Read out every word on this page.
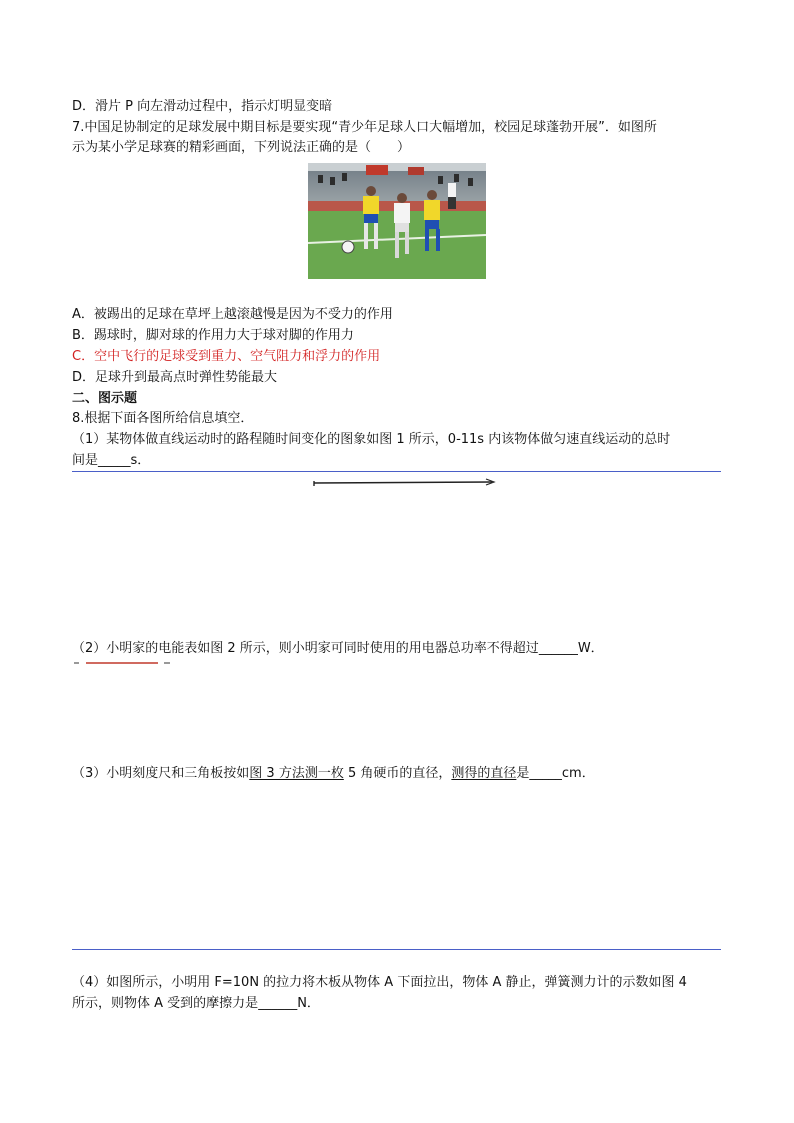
D．滑片 P 向左滑动过程中，指示灯明显变暗
7.中国足协制定的足球发展中期目标是要实现“青少年足球人口大幅增加，校园足球蓬勃开展”．如图所
示为某小学足球赛的精彩画面，下列说法正确的是（　　）
A．被踢出的足球在草坪上越滚越慢是因为不受力的作用
B．踢球时，脚对球的作用力大于球对脚的作用力
C．空中飞行的足球受到重力、空气阻力和浮力的作用
D．足球升到最高点时弹性势能最大
二、图示题
8.根据下面各图所给信息填空．
（1）某物体做直线运动时的路程随时间变化的图象如图 1 所示，0-11s 内该物体做匀速直线运动的总时
间是_____s．
（2）小明家的电能表如图 2 所示，则小明家可同时使用的用电器总功率不得超过______W．
（3）小明刻度尺和三角板按如图 3 方法测一枚 5 角硬币的直径，测得的直径是_____cm．
（4）如图所示，小明用 F=10N 的拉力将木板从物体 A 下面拉出，物体 A 静止，弹簧测力计的示数如图 4
所示，则物体 A 受到的摩擦力是______N．
